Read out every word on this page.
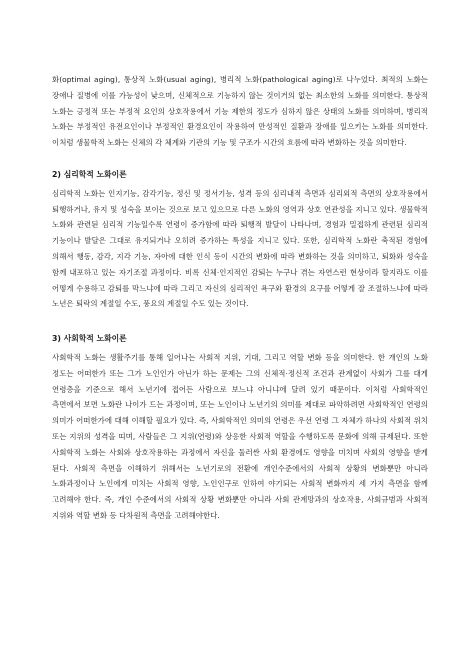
화(optimal aging), 통상적 노화(usual aging), 병리적 노화(pathological aging)로 나누었다. 최적의 노화는 장애나 질병에 이를 가능성이 낮으며, 신체적으로 기능하지 않는 것이거의 없는 최소한의 노화를 의미한다. 통상적 노화는 긍정적 또는 부정적 요인의 상호작용에서 기능 제한의 정도가 심하지 않은 상태의 노화를 의미하며, 병리적 노화는 부정적인 유전요인이나 부정적인 환경요인이 작용하여 만성적인 질환과 장애를 일으키는 노화를 의미한다. 이처럼 생물학적 노화는 신체의 각 체계와 기관의 기능 및 구조가 시간의 흐름에 따라 변화하는 것을 의미한다.

2) 심리학적 노화이론

심리학적 노화는 인지기능, 감각기능, 정신 및 정서기능, 성격 등의 심리내적 측면과 심리외적 측면의 상호작용에서 퇴행하거나, 유지 및 성숙을 보이는 것으로 보고 있으므로 다른 노화의 영역과 상호 연관성을 지니고 있다. 생물학적 노화와 관련된 심리적 기능일수록 연령이 증가함에 따라 퇴행적 발달이 나타나며, 경험과 밀접하게 관련된 심리적 기능이나 발달은 그대로 유지되거나 오히려 증가하는 특성을 지니고 있다. 또한, 심리학적 노화란 축적된 경험에 의해서 행동, 감각, 지각 기능, 자아에 대한 인식 등이 시간의 변화에 따라 변화하는 것을 의미하고, 퇴화와 성숙을 함께 내포하고 있는 자기조절 과정이다. 비록 신체·인지적인 감퇴는 누구나 겪는 자연스런 현상이라 할지라도 이를 어떻게 수용하고 감퇴를 막느냐에 따라 그리고 자신의 심리적인 욕구와 환경의 요구를 어떻게 잘 조절하느냐에 따라 노년은 퇴락의 계절일 수도, 풍요의 계절일 수도 있는 것이다.

3) 사회학적 노화이론

사회학적 노화는 생활주기를 통해 일어나는 사회적 지위, 기대, 그리고 역할 변화 등을 의미한다. 한 개인의 노화 정도는 어떠한가 또는 그가 노인인가 아닌가 하는 문제는 그의 신체적·정신적 조건과 관계없이 사회가 그를 대게 연령층을 기준으로 해서 노년기에 접어든 사람으로 보느냐 아니냐에 달려 있기 때문이다. 이처럼 사회학적인 측면에서 보면 노화란 나이가 드는 과정이며, 또는 노인이나 노년기의 의미를 제대로 파악하려면 사회학적인 연령의 의미가 어떠한가에 대해 이해할 필요가 있다. 즉, 사회학적인 의미의 연령은 우선 연령 그 자체가 하나의 사회적 위치 또는 지위의 성격을 띠며, 사람들은 그 지위(연령)와 상응한 사회적 역할을 수행하도록 문화에 의해 규제된다. 또한 사회학적 노화는 사회와 상호작용하는 과정에서 자신을 둘러싼 사회 환경에도 영향을 미치며 사회의 영향을 받게 된다. 사회적 측면을 이해하기 위해서는 노년기로의 전환에 개인수준에서의 사회적 상황의 변화뿐만 아니라 노화과정이나 노인에게 미치는 사회적 영향, 노인인구로 인하여 야기되는 사회적 변화까지 세 가지 측면을 함께 고려해야 한다. 즉, 개인 수준에서의 사회적 상황 변화뿐만 아니라 사회 관계망과의 상호작용, 사회규범과 사회적 지위와 역할 변화 등 다차원적 측면을 고려해야한다.
